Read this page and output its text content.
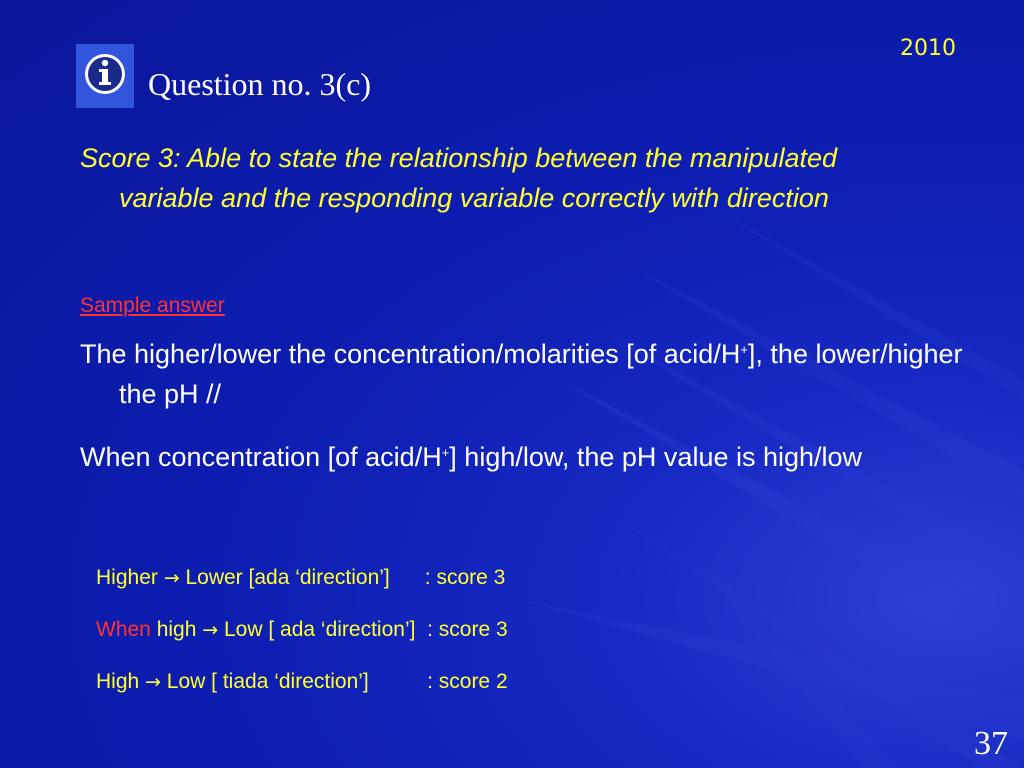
2010
Question no. 3(c)

Score 3: Able to state the relationship between the manipulated variable and the responding variable correctly with direction

Sample answer

The higher/lower the concentration/molarities [of acid/H+], the lower/higher the pH //

When concentration [of acid/H+] high/low, the pH value is high/low

Higher → Lower [ada ‘direction’]      : score 3
When high → Low [ ada ‘direction’]  : score 3
High → Low [ tiada ‘direction’]          : score 2
37
